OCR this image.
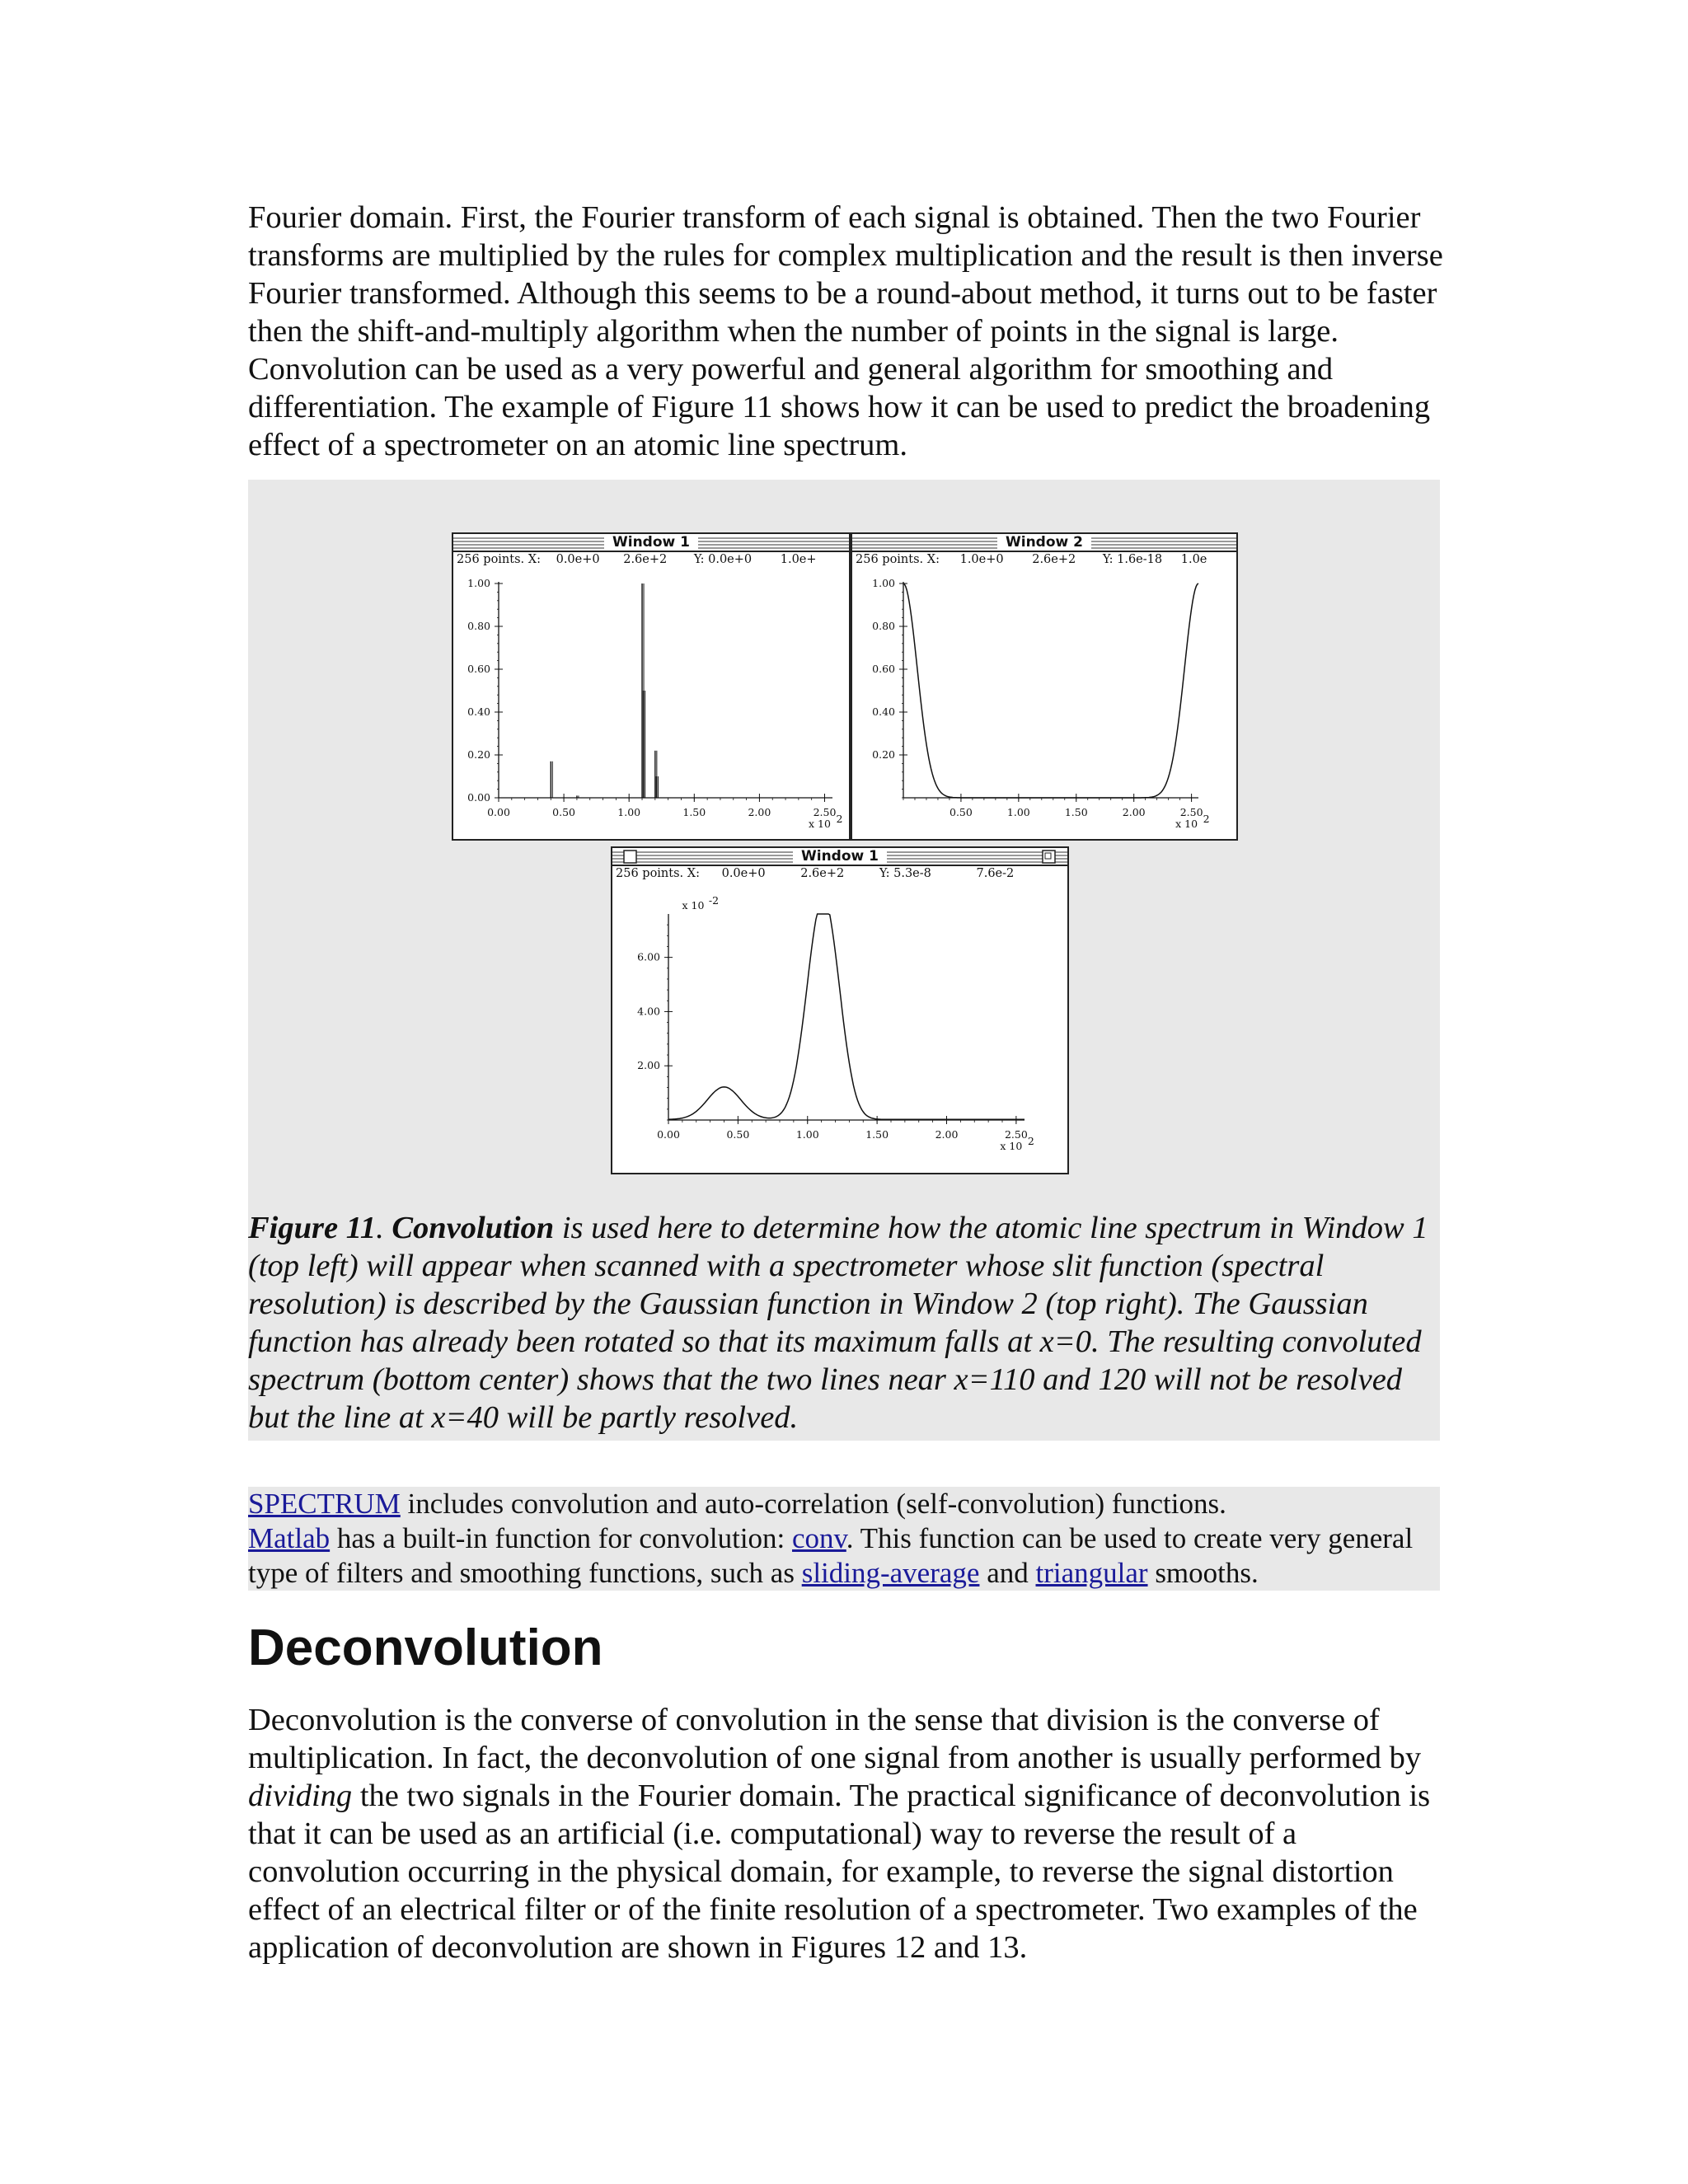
Fourier domain. First, the Fourier transform of each signal is obtained. Then the two Fourier transforms are multiplied by the rules for complex multiplication and the result is then inverse Fourier transformed. Although this seems to be a round-about method, it turns out to be faster then the shift-and-multiply algorithm when the number of points in the signal is large. Convolution can be used as a very powerful and general algorithm for smoothing and differentiation. The example of Figure 11 shows how it can be used to predict the broadening effect of a spectrometer on an atomic line spectrum.

0.00
0.20
0.40
0.60
0.80
1.00
0.00	0.50	1.00	1.50	2.00	2.50
x 10 2
Window 1
256 points. X: 0.0e+0 2.6e+2 Y: 0.0e+0 1.0e+
0.20
0.40
0.60
0.80
1.00
0.50	1.00	1.50	2.00	2.50
x 10 2
Window 2
256 points. X: 1.0e+0 2.6e+2 Y: 1.6e-18 1.0e
2.00
4.00
6.00
0.00	0.50	1.00	1.50	2.00	2.50
x 10 2
x 10 -2
Window 1
256 points. X: 0.0e+0	2.6e+2	Y: 5.3e-8	7.6e-2
Figure 11. Convolution is used here to determine how the atomic line spectrum in Window 1 (top left) will appear when scanned with a spectrometer whose slit function (spectral resolution) is described by the Gaussian function in Window 2 (top right). The Gaussian function has already been rotated so that its maximum falls at x=0. The resulting convoluted spectrum (bottom center) shows that the two lines near x=110 and 120 will not be resolved but the line at x=40 will be partly resolved.

SPECTRUM includes convolution and auto-correlation (self-convolution) functions.

Matlab has a built-in function for convolution: conv. This function can be used to create very general type of filters and smoothing functions, such as sliding-average and triangular smooths.

Deconvolution

Deconvolution is the converse of convolution in the sense that division is the converse of multiplication. In fact, the deconvolution of one signal from another is usually performed by dividing the two signals in the Fourier domain. The practical significance of deconvolution is that it can be used as an artificial (i.e. computational) way to reverse the result of a convolution occurring in the physical domain, for example, to reverse the signal distortion effect of an electrical filter or of the finite resolution of a spectrometer. Two examples of the application of deconvolution are shown in Figures 12 and 13.
